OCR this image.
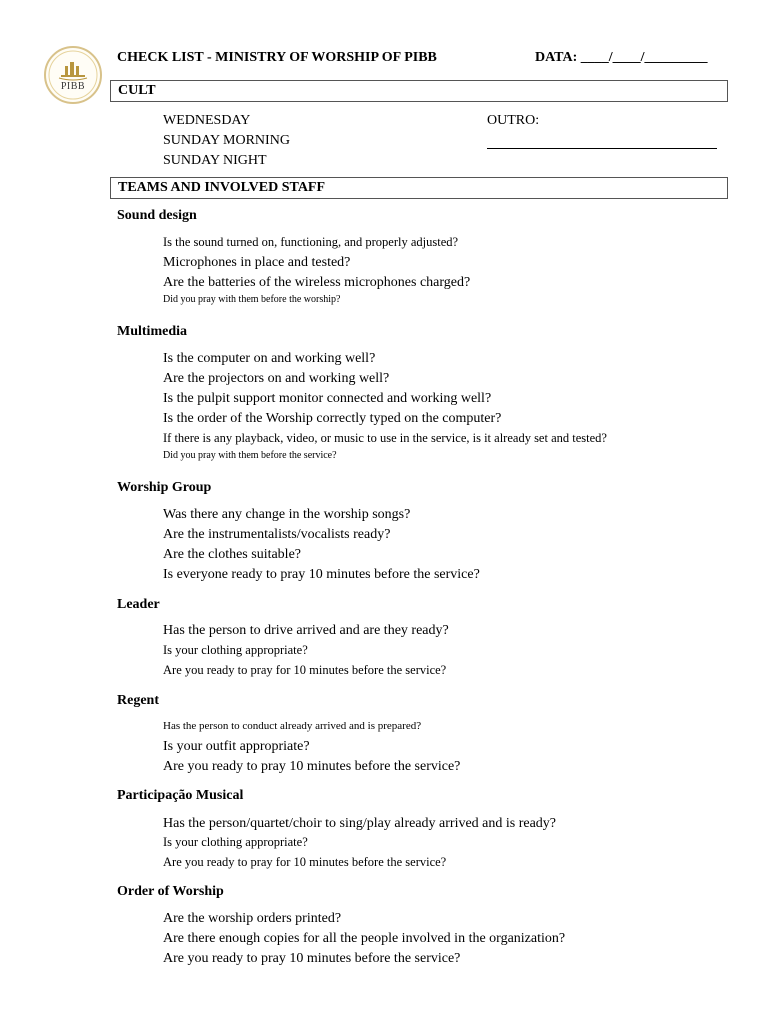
PIBB
CHECK LIST - MINISTRY OF WORSHIP OF PIBB	DATA: ____/____/_________
CULT
WEDNESDAY
SUNDAY MORNING
SUNDAY NIGHT
OUTRO:
TEAMS AND INVOLVED STAFF
Sound design
Is the sound turned on, functioning, and properly adjusted?
Microphones in place and tested?
Are the batteries of the wireless microphones charged?
Did you pray with them before the worship?
Multimedia
Is the computer on and working well?
Are the projectors on and working well?
Is the pulpit support monitor connected and working well?
Is the order of the Worship correctly typed on the computer?
If there is any playback, video, or music to use in the service, is it already set and tested?
Did you pray with them before the service?
Worship Group
Was there any change in the worship songs?
Are the instrumentalists/vocalists ready?
Are the clothes suitable?
Is everyone ready to pray 10 minutes before the service?
Leader
Has the person to drive arrived and are they ready?
Is your clothing appropriate?
Are you ready to pray for 10 minutes before the service?
Regent
Has the person to conduct already arrived and is prepared?
Is your outfit appropriate?
Are you ready to pray 10 minutes before the service?
Participação Musical
Has the person/quartet/choir to sing/play already arrived and is ready?
Is your clothing appropriate?
Are you ready to pray for 10 minutes before the service?
Order of Worship
Are the worship orders printed?
Are there enough copies for all the people involved in the organization?
Are you ready to pray 10 minutes before the service?
